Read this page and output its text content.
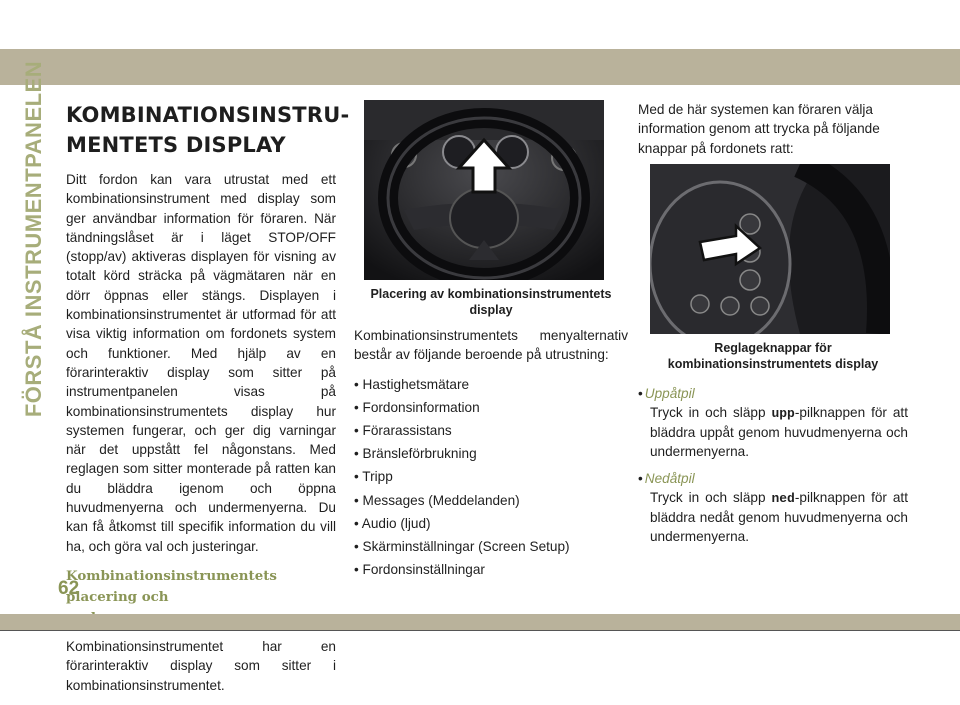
FÖRSTÅ INSTRUMENTPANELEN KOMBINATIONSINSTRU-
MENTETS DISPLAY

Ditt fordon kan vara utrustat med ett kombinationsinstrument med display som ger användbar information för föraren. När tändningslåset är i läget STOP/OFF (stopp/av) aktiveras displayen för visning av totalt körd sträcka på vägmätaren när en dörr öppnas eller stängs. Displayen i kombinationsinstrumentet är utformad för att visa viktig information om fordonets system och funktioner. Med hjälp av en förarinteraktiv display som sitter på instrumentpanelen visas på kombinationsinstrumentets display hur systemen fungerar, och ger dig varningar när det uppstått fel någonstans. Med reglagen som sitter monterade på ratten kan du bläddra igenom och öppna huvudmenyerna och undermenyerna. Du kan få åtkomst till specifik information du vill ha, och göra val och justeringar.

Kombinationsinstrumentets placering och

Kombinationsinstrumentet har en förarinteraktiv display som sitter i kombinationsinstrumentet.

Placering av kombinationsinstrumentets
display

Kombinationsinstrumentets menyalternativ består av följande beroende på utrustning:

• Hastighetsmätare
• Fordonsinformation
• Förarassistans
• Bränsleförbrukning
• Tripp
• Messages (Meddelanden)
• Audio (ljud)
• Skärminställningar (Screen Setup)
• Fordonsinställningar

Med de här systemen kan föraren välja information genom att trycka på följande knappar på fordonets ratt:

Reglageknappar för
kombinationsinstrumentets display
• Uppåtpil
Tryck in och släpp upp-pilknappen för att bläddra uppåt genom huvudmenyerna och undermenyerna.
• Nedåtpil
Tryck in och släpp ned-pilknappen för att bläddra nedåt genom huvudmenyerna och undermenyerna.
62
